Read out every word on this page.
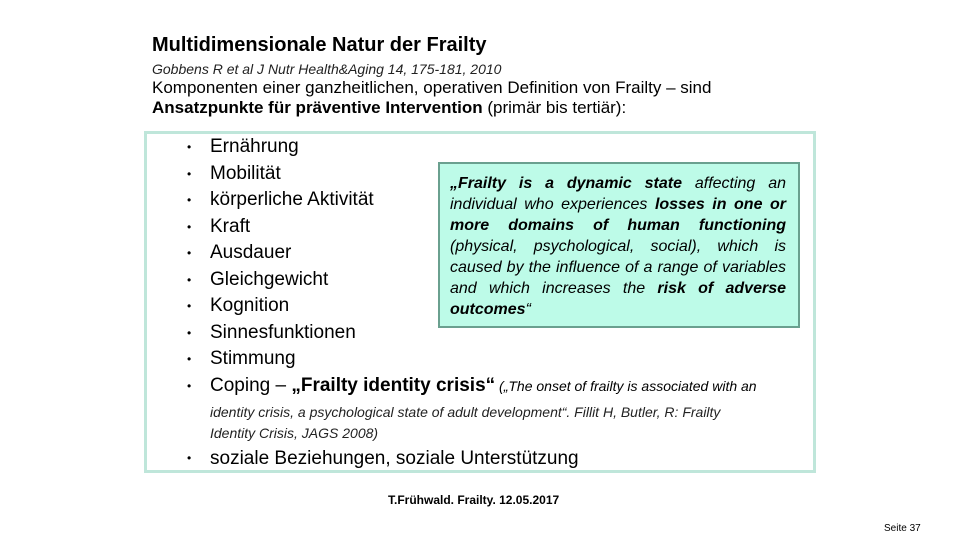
Multidimensionale Natur der Frailty
Gobbens R et al J Nutr Health&Aging 14, 175-181, 2010
Komponenten einer ganzheitlichen, operativen Definition von Frailty – sind
Ansatzpunkte für präventive Intervention (primär bis tertiär):
• Ernährung
• Mobilität
• körperliche Aktivität
• Kraft
• Ausdauer
• Gleichgewicht
• Kognition
• Sinnesfunktionen
• Stimmung
• Coping – „Frailty identity crisis“ („The onset of frailty is associated with an
identity crisis, a psychological state of adult development“. Fillit H, Butler, R: Frailty
Identity Crisis, JAGS 2008)
• soziale Beziehungen, soziale Unterstützung
„Frailty is a dynamic state affecting an individual who experiences losses in one or more domains of human functioning (physical, psychological, social), which is caused by the influence of a range of variables and which increases the risk of adverse outcomes“
T.Frühwald. Frailty. 12.05.2017
Seite 37
